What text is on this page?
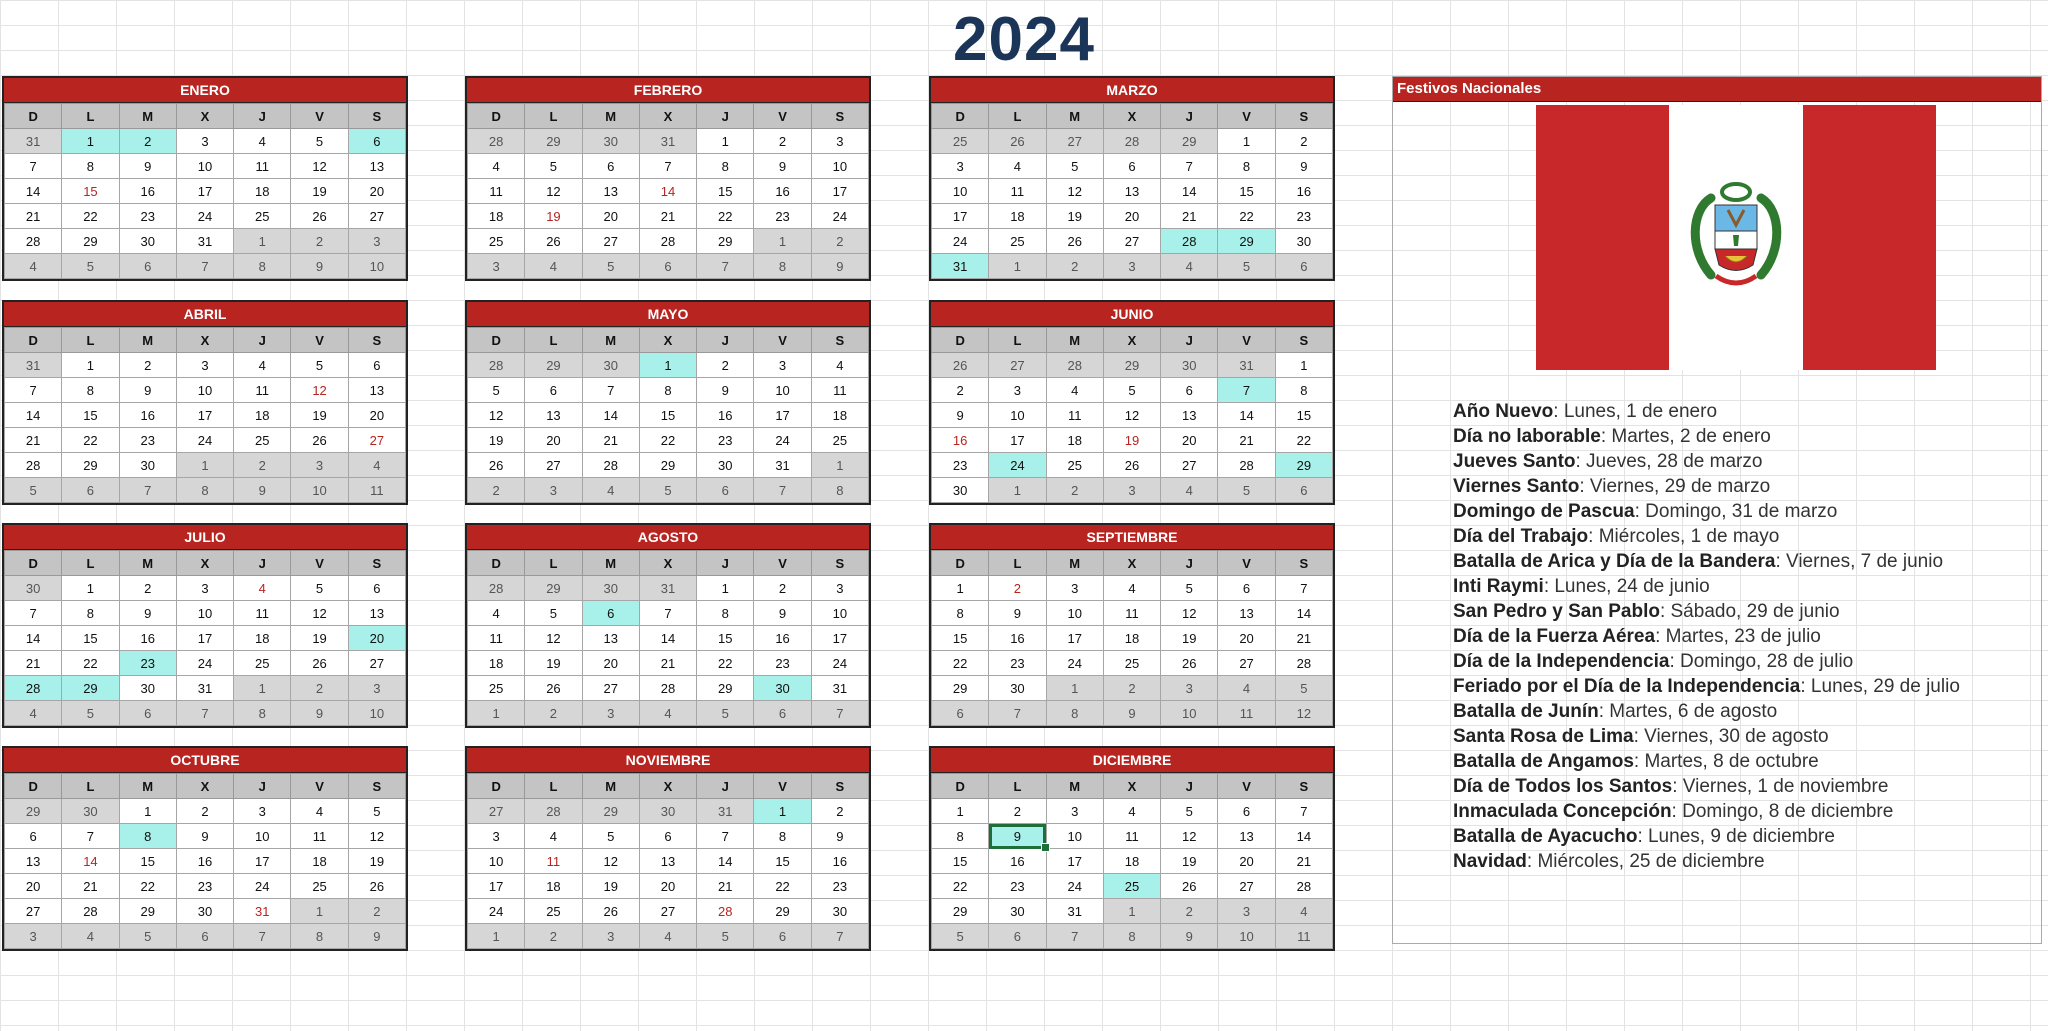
2024
ENERO
D	L	M	X	J	V	S
31	1	2	3	4	5	6
7	8	9	10	11	12	13
14	15	16	17	18	19	20
21	22	23	24	25	26	27
28	29	30	31	1	2	3
4	5	6	7	8	9	10
FEBRERO
D	L	M	X	J	V	S
28	29	30	31	1	2	3
4	5	6	7	8	9	10
11	12	13	14	15	16	17
18	19	20	21	22	23	24
25	26	27	28	29	1	2
3	4	5	6	7	8	9
MARZO
D	L	M	X	J	V	S
25	26	27	28	29	1	2
3	4	5	6	7	8	9
10	11	12	13	14	15	16
17	18	19	20	21	22	23
24	25	26	27	28	29	30
31	1	2	3	4	5	6
ABRIL
D	L	M	X	J	V	S
31	1	2	3	4	5	6
7	8	9	10	11	12	13
14	15	16	17	18	19	20
21	22	23	24	25	26	27
28	29	30	1	2	3	4
5	6	7	8	9	10	11
MAYO
D	L	M	X	J	V	S
28	29	30	1	2	3	4
5	6	7	8	9	10	11
12	13	14	15	16	17	18
19	20	21	22	23	24	25
26	27	28	29	30	31	1
2	3	4	5	6	7	8
JUNIO
D	L	M	X	J	V	S
26	27	28	29	30	31	1
2	3	4	5	6	7	8
9	10	11	12	13	14	15
16	17	18	19	20	21	22
23	24	25	26	27	28	29
30	1	2	3	4	5	6
JULIO
D	L	M	X	J	V	S
30	1	2	3	4	5	6
7	8	9	10	11	12	13
14	15	16	17	18	19	20
21	22	23	24	25	26	27
28	29	30	31	1	2	3
4	5	6	7	8	9	10
AGOSTO
D	L	M	X	J	V	S
28	29	30	31	1	2	3
4	5	6	7	8	9	10
11	12	13	14	15	16	17
18	19	20	21	22	23	24
25	26	27	28	29	30	31
1	2	3	4	5	6	7
SEPTIEMBRE
D	L	M	X	J	V	S
1	2	3	4	5	6	7
8	9	10	11	12	13	14
15	16	17	18	19	20	21
22	23	24	25	26	27	28
29	30	1	2	3	4	5
6	7	8	9	10	11	12
OCTUBRE
D	L	M	X	J	V	S
29	30	1	2	3	4	5
6	7	8	9	10	11	12
13	14	15	16	17	18	19
20	21	22	23	24	25	26
27	28	29	30	31	1	2
3	4	5	6	7	8	9
NOVIEMBRE
D	L	M	X	J	V	S
27	28	29	30	31	1	2
3	4	5	6	7	8	9
10	11	12	13	14	15	16
17	18	19	20	21	22	23
24	25	26	27	28	29	30
1	2	3	4	5	6	7
DICIEMBRE
D	L	M	X	J	V	S
1	2	3	4	5	6	7
8	9	10	11	12	13	14
15	16	17	18	19	20	21
22	23	24	25	26	27	28
29	30	31	1	2	3	4
5	6	7	8	9	10	11
Festivos Nacionales
Año Nuevo: Lunes, 1 de enero
Día no laborable: Martes, 2 de enero
Jueves Santo: Jueves, 28 de marzo
Viernes Santo: Viernes, 29 de marzo
Domingo de Pascua: Domingo, 31 de marzo
Día del Trabajo: Miércoles, 1 de mayo
Batalla de Arica y Día de la Bandera: Viernes, 7 de junio
Inti Raymi: Lunes, 24 de junio
San Pedro y San Pablo: Sábado, 29 de junio
Día de la Fuerza Aérea: Martes, 23 de julio
Día de la Independencia: Domingo, 28 de julio
Feriado por el Día de la Independencia: Lunes, 29 de julio
Batalla de Junín: Martes, 6 de agosto
Santa Rosa de Lima: Viernes, 30 de agosto
Batalla de Angamos: Martes, 8 de octubre
Día de Todos los Santos: Viernes, 1 de noviembre
Inmaculada Concepción: Domingo, 8 de diciembre
Batalla de Ayacucho: Lunes, 9 de diciembre
Navidad: Miércoles, 25 de diciembre
